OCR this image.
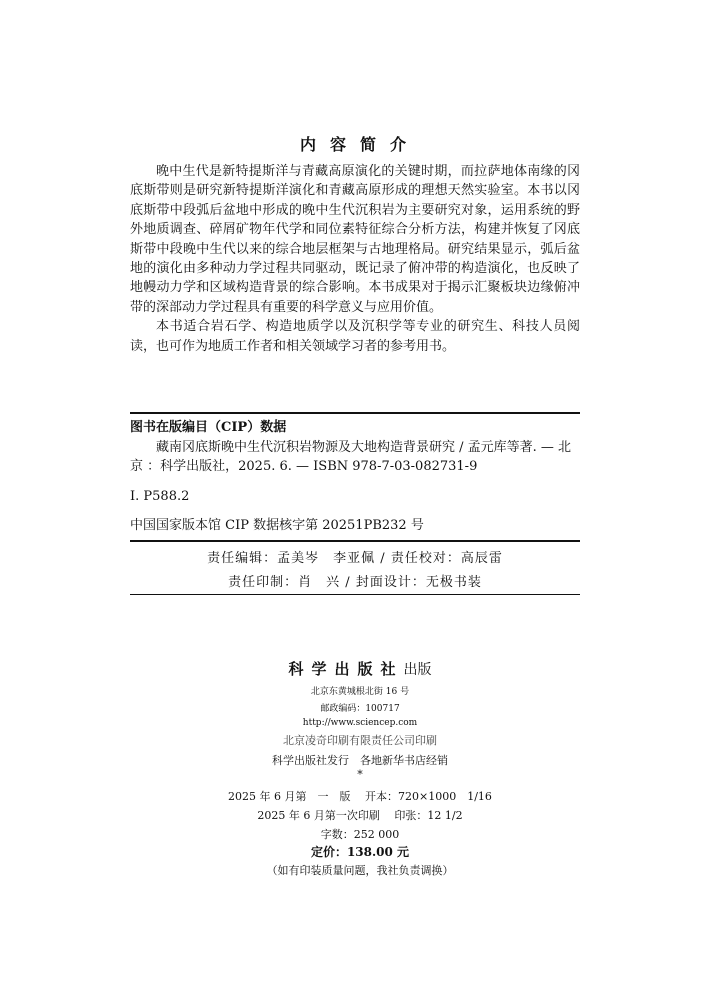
内容简介

晚中生代是新特提斯洋与青藏高原演化的关键时期，而拉萨地体南缘的冈底斯带则是研究新特提斯洋演化和青藏高原形成的理想天然实验室。本书以冈底斯带中段弧后盆地中形成的晚中生代沉积岩为主要研究对象，运用系统的野外地质调查、碎屑矿物年代学和同位素特征综合分析方法，构建并恢复了冈底斯带中段晚中生代以来的综合地层框架与古地理格局。研究结果显示，弧后盆地的演化由多种动力学过程共同驱动，既记录了俯冲带的构造演化，也反映了地幔动力学和区域构造背景的综合影响。本书成果对于揭示汇聚板块边缘俯冲带的深部动力学过程具有重要的科学意义与应用价值。

本书适合岩石学、构造地质学以及沉积学等专业的研究生、科技人员阅读，也可作为地质工作者和相关领域学习者的参考用书。

图书在版编目（CIP）数据

藏南冈底斯晚中生代沉积岩物源及大地构造背景研究 / 孟元库等著. — 北京 ：科学出版社，2025. 6. — ISBN 978-7-03-082731-9

Ⅰ. P588.2

中国国家版本馆 CIP 数据核字第 20251PB232 号

责任编辑：孟美岑　李亚佩 / 责任校对：高辰雷
责任印制：肖　兴 / 封面设计：无极书装
科学出版社出版
北京东黄城根北街 16 号
邮政编码：100717
http://www.sciencep.com
北京凌奇印刷有限责任公司印刷
科学出版社发行　各地新华书店经销
*
2025 年 6 月第　一　版　 开本：720×1000　1/16
2025 年 6 月第一次印刷　 印张：12 1/2
字数：252 000
定价：138.00 元
（如有印装质量问题，我社负责调换）
